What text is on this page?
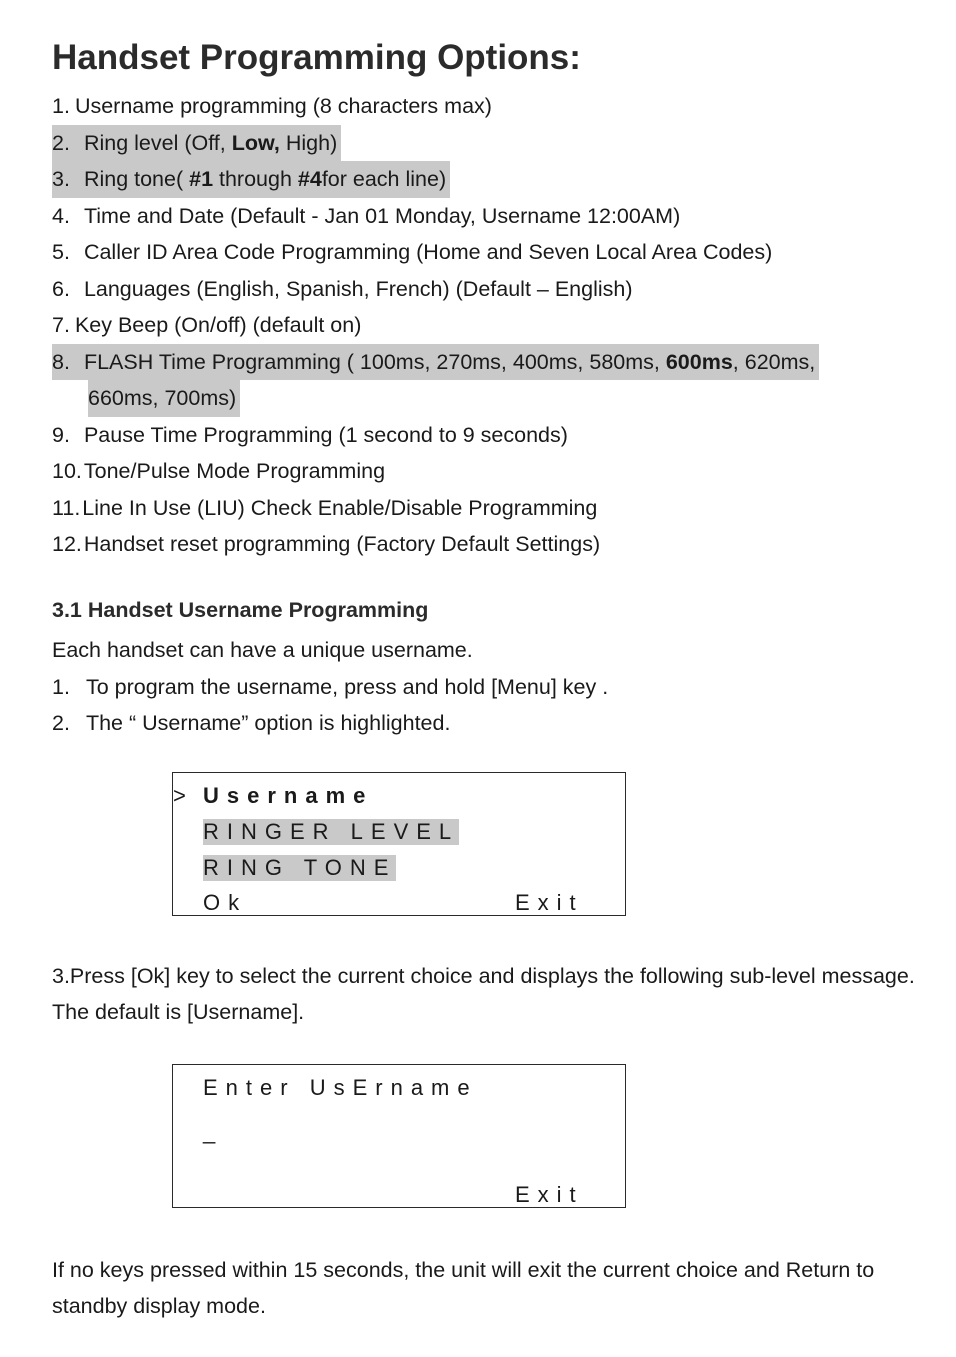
Handset Programming Options:
1. Username programming (8 characters max)
2. Ring level (Off, Low, High)
3. Ring tone( #1 through #4for each line)
4. Time and Date (Default - Jan 01 Monday, Username 12:00AM)
5. Caller ID Area Code Programming (Home and Seven Local Area Codes)
6. Languages (English, Spanish, French) (Default – English)
7. Key Beep (On/off) (default on)
8. FLASH Time Programming ( 100ms, 270ms, 400ms, 580ms, 600ms, 620ms,
660ms, 700ms)
9. Pause Time Programming (1 second to 9 seconds)
10.Tone/Pulse Mode Programming
11.Line In Use (LIU) Check Enable/Disable Programming
12.Handset reset programming (Factory Default Settings)
3.1 Handset Username Programming
Each handset can have a unique username.
1. To program the username, press and hold [Menu] key .
2. The “ Username” option is highlighted.
> Username
RINGER LEVEL
RING TONE
Ok	Exit

3.Press [Ok] key to select the current choice and displays the following sub-level message. The default is [Username].

Enter UsErname
_
Exit

If no keys pressed within 15 seconds, the unit will exit the current choice and Return to standby display mode.
